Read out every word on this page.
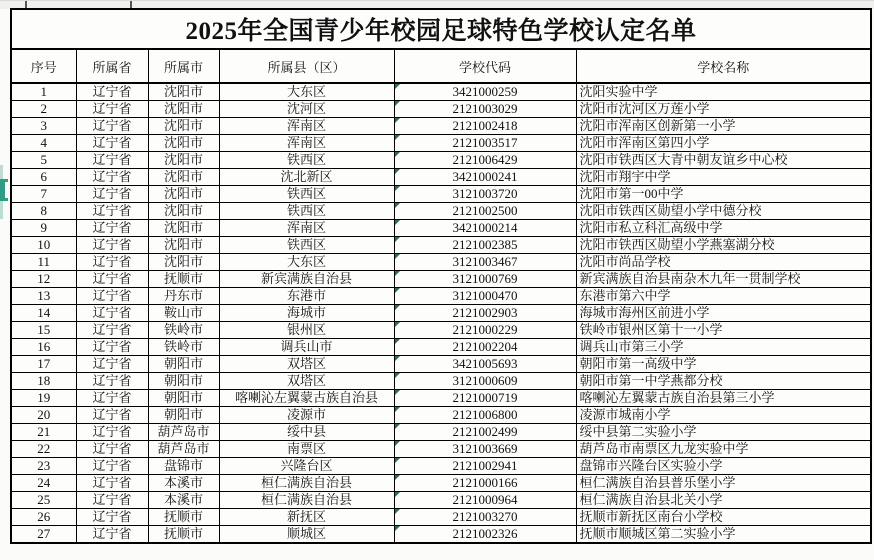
2025年全国青少年校园足球特色学校认定名单					
序号	所属省	所属市	所属县（区）	学校代码	学校名称
1	辽宁省	沈阳市	大东区	3421000259	沈阳实验中学
2	辽宁省	沈阳市	沈河区	2121003029	沈阳市沈河区万莲小学
3	辽宁省	沈阳市	浑南区	2121002418	沈阳市浑南区创新第一小学
4	辽宁省	沈阳市	浑南区	2121003517	沈阳市浑南区第四小学
5	辽宁省	沈阳市	铁西区	2121006429	沈阳市铁西区大青中朝友谊乡中心校
6	辽宁省	沈阳市	沈北新区	3421000241	沈阳市翔宇中学
7	辽宁省	沈阳市	铁西区	3121003720	沈阳市第一00中学
8	辽宁省	沈阳市	铁西区	2121002500	沈阳市铁西区勋望小学中德分校
9	辽宁省	沈阳市	浑南区	3421000214	沈阳市私立科汇高级中学
10	辽宁省	沈阳市	铁西区	2121002385	沈阳市铁西区勋望小学燕塞湖分校
11	辽宁省	沈阳市	大东区	3121003467	沈阳市尚品学校
12	辽宁省	抚顺市	新宾满族自治县	3121000769	新宾满族自治县南杂木九年一贯制学校
13	辽宁省	丹东市	东港市	3121000470	东港市第六中学
14	辽宁省	鞍山市	海城市	2121002903	海城市海州区前进小学
15	辽宁省	铁岭市	银州区	2121000229	铁岭市银州区第十一小学
16	辽宁省	铁岭市	调兵山市	2121002204	调兵山市第三小学
17	辽宁省	朝阳市	双塔区	3421005693	朝阳市第一高级中学
18	辽宁省	朝阳市	双塔区	3121000609	朝阳市第一中学燕都分校
19	辽宁省	朝阳市	喀喇沁左翼蒙古族自治县	2121000719	喀喇沁左翼蒙古族自治县第三小学
20	辽宁省	朝阳市	凌源市	2121006800	凌源市城南小学
21	辽宁省	葫芦岛市	绥中县	2121002499	绥中县第二实验小学
22	辽宁省	葫芦岛市	南票区	3121003669	葫芦岛市南票区九龙实验中学
23	辽宁省	盘锦市	兴隆台区	2121002941	盘锦市兴隆台区实验小学
24	辽宁省	本溪市	桓仁满族自治县	2121000166	桓仁满族自治县普乐堡小学
25	辽宁省	本溪市	桓仁满族自治县	2121000964	桓仁满族自治县北关小学
26	辽宁省	抚顺市	新抚区	2121003270	抚顺市新抚区南台小学校
27	辽宁省	抚顺市	顺城区	2121002326	抚顺市顺城区第二实验小学
